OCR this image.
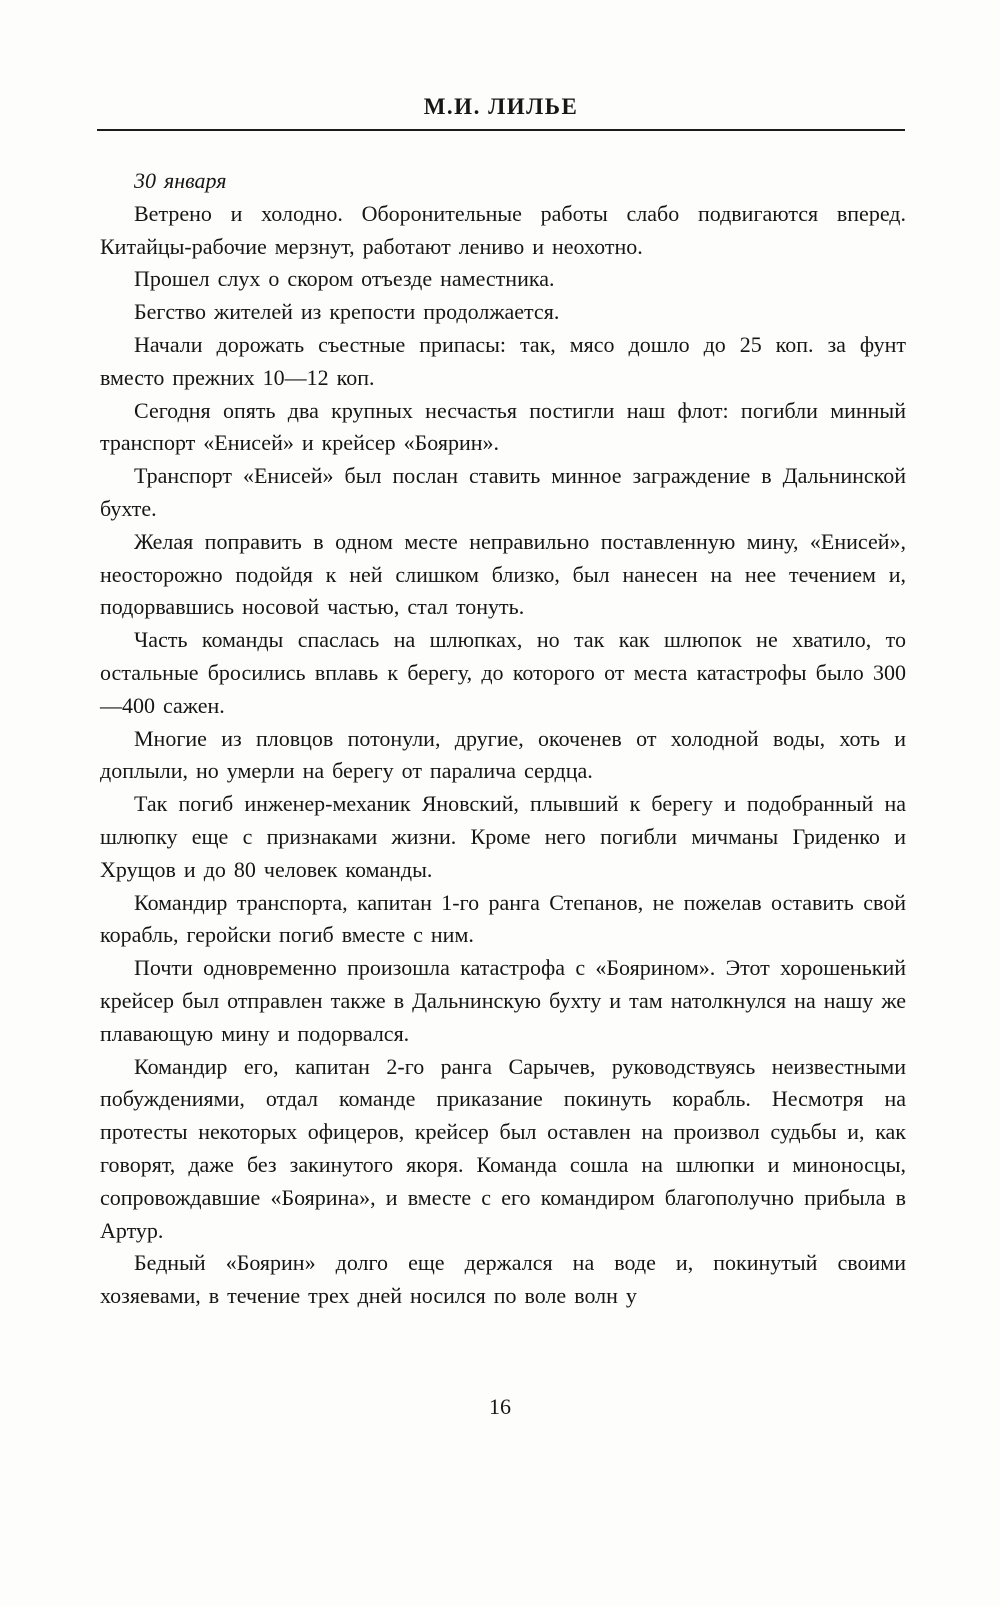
М.И. ЛИЛЬЕ

30 января

Ветрено и холодно. Оборонительные работы слабо подвигаются вперед. Китайцы-рабочие мерзнут, работают лениво и неохотно.

Прошел слух о скором отъезде наместника.

Бегство жителей из крепости продолжается.

Начали дорожать съестные припасы: так, мясо дошло до 25 коп. за фунт вместо прежних 10—12 коп.

Сегодня опять два крупных несчастья постигли наш флот: погибли минный транспорт «Енисей» и крейсер «Боярин».

Транспорт «Енисей» был послан ставить минное заграждение в Дальнинской бухте.

Желая поправить в одном месте неправильно поставленную мину, «Енисей», неосторожно подойдя к ней слишком близко, был нанесен на нее течением и, подорвавшись носовой частью, стал тонуть.

Часть команды спаслась на шлюпках, но так как шлюпок не хватило, то остальные бросились вплавь к берегу, до которого от места катастрофы было 300—400 сажен.

Многие из пловцов потонули, другие, окоченев от холодной воды, хоть и доплыли, но умерли на берегу от паралича сердца.

Так погиб инженер-механик Яновский, плывший к берегу и подобранный на шлюпку еще с признаками жизни. Кроме него погибли мичманы Гриденко и Хрущов и до 80 человек команды.

Командир транспорта, капитан 1-го ранга Степанов, не пожелав оставить свой корабль, геройски погиб вместе с ним.

Почти одновременно произошла катастрофа с «Боярином». Этот хорошенький крейсер был отправлен также в Дальнинскую бухту и там натолкнулся на нашу же плавающую мину и подорвался.

Командир его, капитан 2-го ранга Сарычев, руководствуясь неизвестными побуждениями, отдал команде приказание покинуть корабль. Несмотря на протесты некоторых офицеров, крейсер был оставлен на произвол судьбы и, как говорят, даже без закинутого якоря. Команда сошла на шлюпки и миноносцы, сопровождавшие «Боярина», и вместе с его командиром благополучно прибыла в Артур.

Бедный «Боярин» долго еще держался на воде и, покинутый своими хозяевами, в течение трех дней носился по воле волн у

16
